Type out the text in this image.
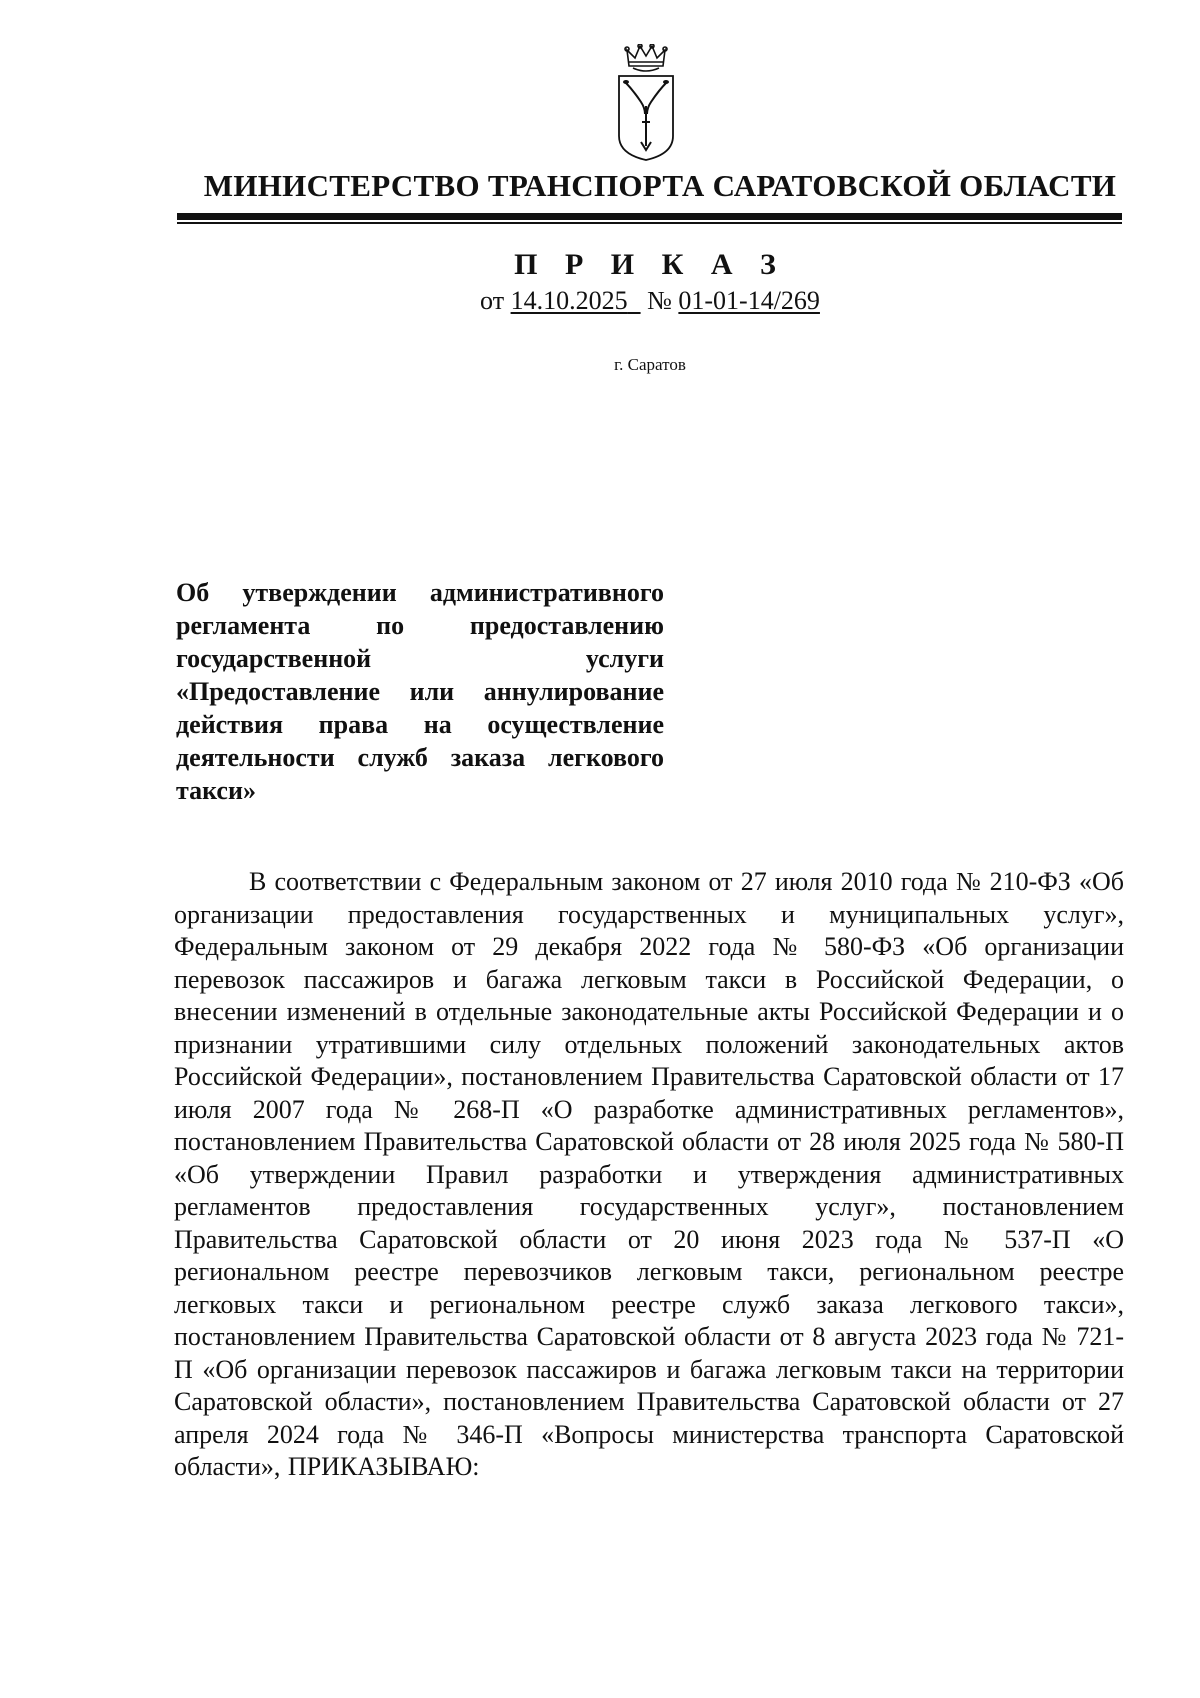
МИНИСТЕРСТВО ТРАНСПОРТА САРАТОВСКОЙ ОБЛАСТИ
П Р И К А З
от 14.10.2025 № 01-01-14/269
г. Саратов
Об утверждении административного регламента по предоставлению государственной услуги «Предоставление или аннулирование действия права на осуществление деятельности служб заказа легкового такси»

В соответствии с Федеральным законом от 27 июля 2010 года № 210-ФЗ «Об организации предоставления государственных и муниципальных услуг», Федеральным законом от 29 декабря 2022 года № 580-ФЗ «Об организации перевозок пассажиров и багажа легковым такси в Российской Федерации, о внесении изменений в отдельные законодательные акты Российской Федерации и о признании утратившими силу отдельных положений законодательных актов Российской Федерации», постановлением Правительства Саратовской области от 17 июля 2007 года № 268-П «О разработке административных регламентов», постановлением Правительства Саратовской области от 28 июля 2025 года № 580-П «Об утверждении Правил разработки и утверждения административных регламентов предоставления государственных услуг», постановлением Правительства Саратовской области от 20 июня 2023 года № 537-П «О региональном реестре перевозчиков легковым такси, региональном реестре легковых такси и региональном реестре служб заказа легкового такси», постановлением Правительства Саратовской области от 8 августа 2023 года № 721-П «Об организации перевозок пассажиров и багажа легковым такси на территории Саратовской области», постановлением Правительства Саратовской области от 27 апреля 2024 года № 346-П «Вопросы министерства транспорта Саратовской области», ПРИКАЗЫВАЮ:
